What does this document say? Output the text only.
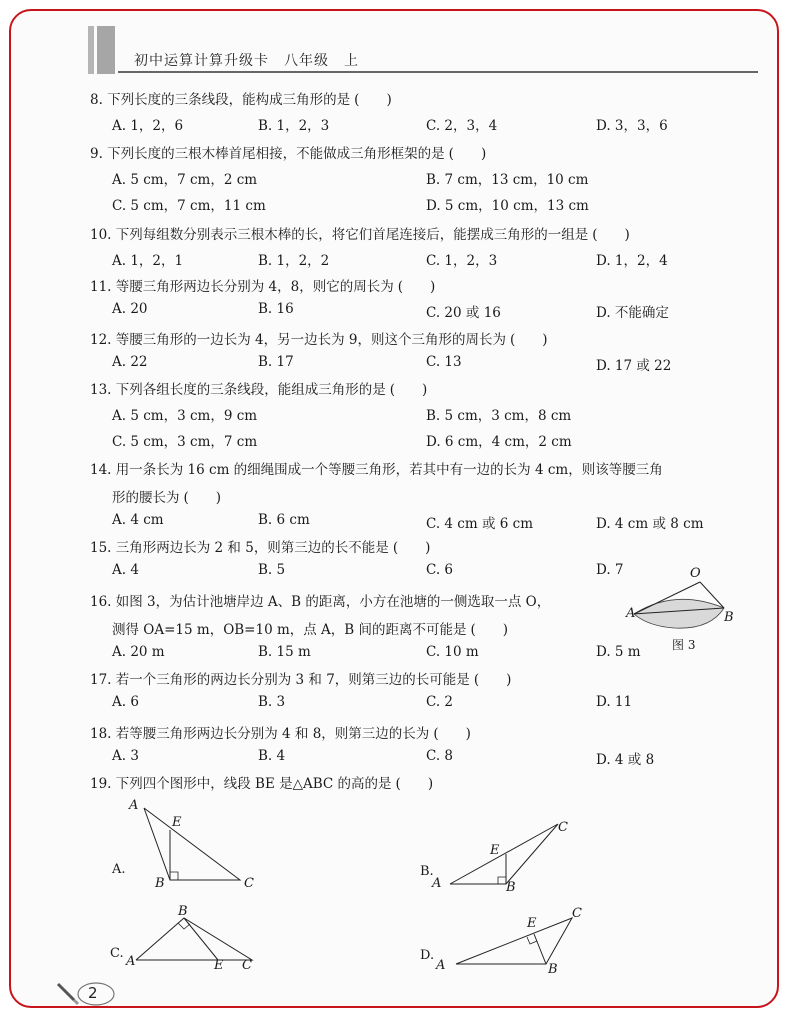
初中运算计算升级卡　八年级　上
8. 下列长度的三条线段，能构成三角形的是 (　　)
A. 1，2，6	B. 1，2，3	C. 2，3，4	D. 3，3，6
9. 下列长度的三根木棒首尾相接，不能做成三角形框架的是 (　　)
A. 5 cm，7 cm，2 cm	B. 7 cm，13 cm，10 cm
C. 5 cm，7 cm，11 cm	D. 5 cm，10 cm，13 cm
10. 下列每组数分别表示三根木棒的长，将它们首尾连接后，能摆成三角形的一组是 (　　)
A. 1，2，1	B. 1，2，2	C. 1，2，3	D. 1，2，4
11. 等腰三角形两边长分别为 4，8，则它的周长为 (　　)
A. 20	B. 16	C. 20 或 16	D. 不能确定
12. 等腰三角形的一边长为 4，另一边长为 9，则这个三角形的周长为 (　　)
A. 22	B. 17	C. 13	D. 17 或 22
13. 下列各组长度的三条线段，能组成三角形的是 (　　)
A. 5 cm，3 cm，9 cm	B. 5 cm，3 cm，8 cm
C. 5 cm，3 cm，7 cm	D. 6 cm，4 cm，2 cm
14. 用一条长为 16 cm 的细绳围成一个等腰三角形，若其中有一边的长为 4 cm，则该等腰三角
形的腰长为 (　　)
A. 4 cm	B. 6 cm	C. 4 cm 或 6 cm	D. 4 cm 或 8 cm
15. 三角形两边长为 2 和 5，则第三边的长不能是 (　　)
A. 4	B. 5	C. 6	D. 7
16. 如图 3，为估计池塘岸边 A、B 的距离，小方在池塘的一侧选取一点 O，
测得 OA=15 m，OB=10 m，点 A，B 间的距离不可能是 (　　)
A. 20 m	B. 15 m	C. 10 m	D. 5 m
17. 若一个三角形的两边长分别为 3 和 7，则第三边的长可能是 (　　)
A. 6	B. 3	C. 2	D. 11
18. 若等腰三角形两边长分别为 4 和 8，则第三边的长为 (　　)
A. 3	B. 4	C. 8	D. 4 或 8
19. 下列四个图形中，线段 BE 是△ABC 的高的是 (　　)
O
A	B
图 3
A
E
B	C
A.
C
E
A	B
B.
B
A	E C
C.
C
E
A	B
D.
2
